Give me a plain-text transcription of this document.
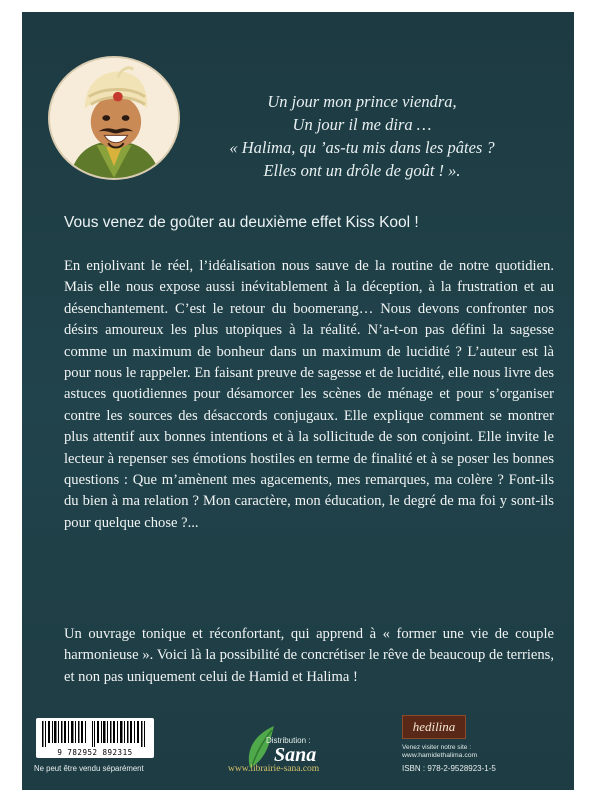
Un jour mon prince viendra,
Un jour il me dira …
« Halima, qu ’as-tu mis dans les pâtes ?
Elles ont un drôle de goût ! ».
Vous venez de goûter au deuxième effet Kiss Kool !

En enjolivant le réel, l’idéalisation nous sauve de la routine de notre quotidien. Mais elle nous expose aussi inévitablement à la déception, à la frustration et au désenchantement. C’est le retour du boomerang… Nous devons confronter nos désirs amoureux les plus utopiques à la réalité. N’a-t-on pas défini la sagesse comme un maximum de bonheur dans un maximum de lucidité ? L’auteur est là pour nous le rappeler. En faisant preuve de sagesse et de lucidité, elle nous livre des astuces quotidiennes pour désamorcer les scènes de ménage et pour s’organiser contre les sources des désaccords conjugaux. Elle explique comment se montrer plus attentif aux bonnes intentions et à la sollicitude de son conjoint. Elle invite le lecteur à repenser ses émotions hostiles en terme de finalité et à se poser les bonnes questions : Que m’amènent mes agacements, mes remarques, ma colère ? Font-ils du bien à ma relation ? Mon caractère, mon éducation, le degré de ma foi y sont-ils pour quelque chose ?...

Un ouvrage tonique et réconfortant, qui apprend à « former une vie de couple harmonieuse ». Voici là la possibilité de concrétiser le rêve de beaucoup de terriens, et non pas uniquement celui de Hamid et Halima !

9 782952 892315
Ne peut être vendu séparément
Distribution :
Sana
www.librairie-sana.com
hedilina
Venez visiter notre site :
www.hamidethalima.com
ISBN : 978-2-9528923-1-5
